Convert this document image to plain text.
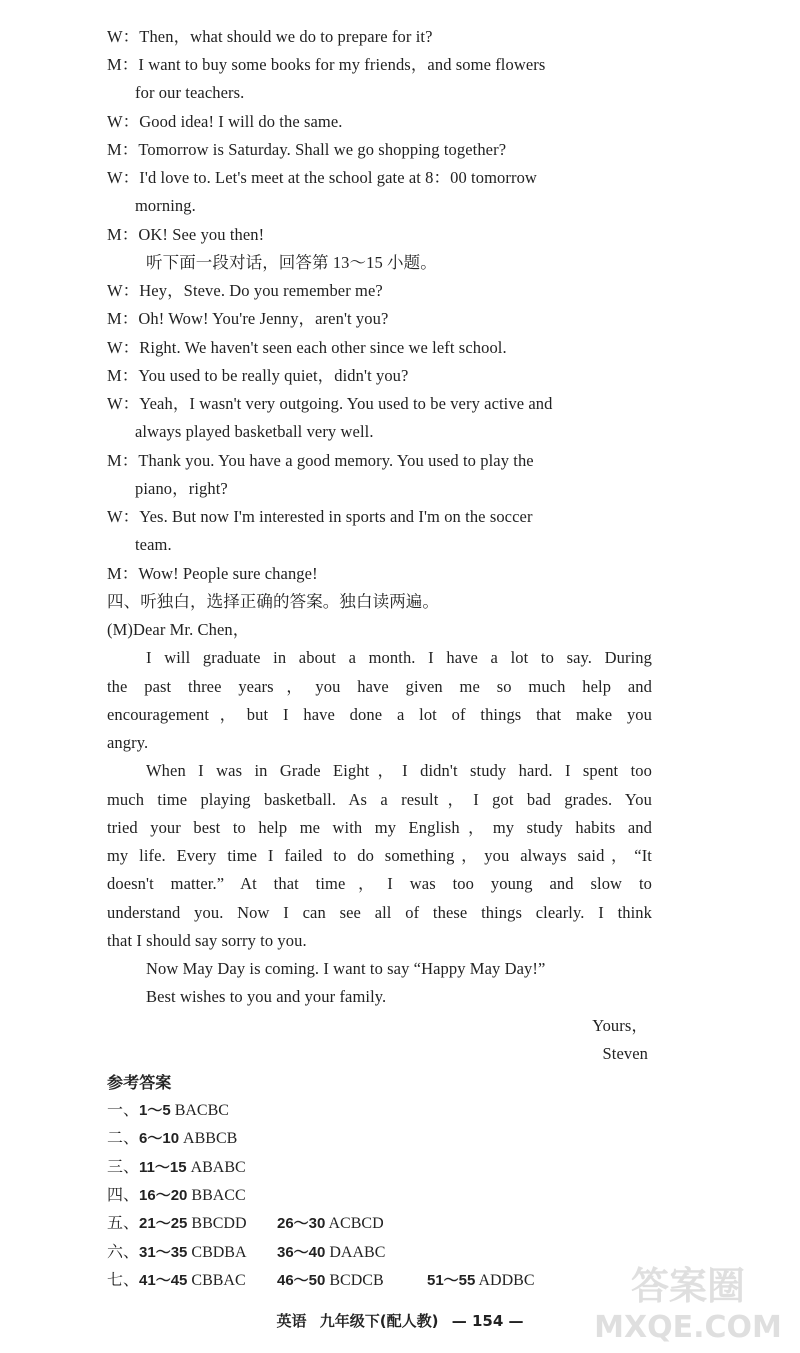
W：Then，what should we do to prepare for it?
M：I want to buy some books for my friends，and some flowers
for our teachers.
W：Good idea! I will do the same.
M：Tomorrow is Saturday. Shall we go shopping together?
W：I'd love to. Let's meet at the school gate at 8：00 tomorrow
morning.
M：OK! See you then!
听下面一段对话，回答第 13～15 小题。
W：Hey，Steve. Do you remember me?
M：Oh! Wow! You're Jenny，aren't you?
W：Right. We haven't seen each other since we left school.
M：You used to be really quiet，didn't you?
W：Yeah，I wasn't very outgoing. You used to be very active and
always played basketball very well.
M：Thank you. You have a good memory. You used to play the
piano，right?
W：Yes. But now I'm interested in sports and I'm on the soccer
team.
M：Wow! People sure change!
四、听独白，选择正确的答案。独白读两遍。
(M)Dear Mr. Chen，
I will graduate in about a month. I have a lot to say. During
the past three years，you have given me so much help and
encouragement，but I have done a lot of things that make you
angry.
When I was in Grade Eight，I didn't study hard. I spent too
much time playing basketball. As a result，I got bad grades. You
tried your best to help me with my English，my study habits and
my life. Every time I failed to do something，you always said，“It
doesn't matter.” At that time，I was too young and slow to
understand you. Now I can see all of these things clearly. I think
that I should say sorry to you.
Now May Day is coming. I want to say “Happy May Day!”
Best wishes to you and your family.
Yours，
Steven
参考答案
一、1～5 BACBC
二、6～10 ABBCB
三、11～15 ABABC
四、16～20 BBACC
五、21～25 BBCDD 26～30 ACBCD
六、31～35 CBDBA 36～40 DAABC
七、41～45 CBBAC 46～50 BCDCB	51～55 ADDBC
英语 九年级下(配人教) — 154 —
答案圈
MXQE.COM
